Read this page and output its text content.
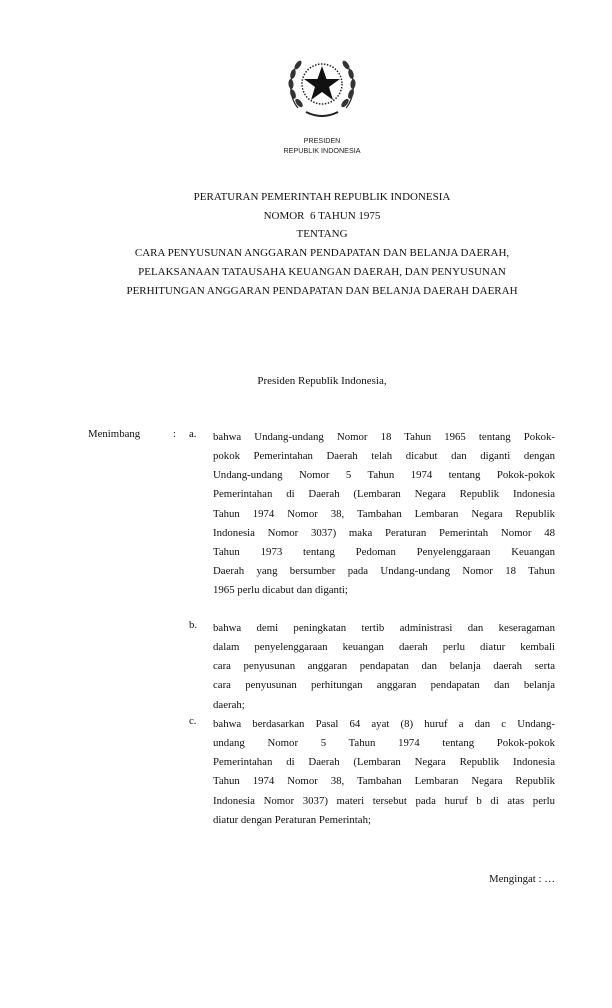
PRESIDEN
REPUBLIK INDONESIA
PERATURAN PEMERINTAH REPUBLIK INDONESIA
NOMOR  6 TAHUN 1975
TENTANG
CARA PENYUSUNAN ANGGARAN PENDAPATAN DAN BELANJA DAERAH,
PELAKSANAAN TATAUSAHA KEUANGAN DAERAH, DAN PENYUSUNAN
PERHITUNGAN ANGGARAN PENDAPATAN DAN BELANJA DAERAH DAERAH
Presiden Republik Indonesia,
Menimbang	: a. bahwa Undang-undang Nomor 18 Tahun 1965 tentang Pokok-
pokok Pemerintahan Daerah telah dicabut dan diganti dengan
Undang-undang Nomor 5 Tahun 1974 tentang Pokok-pokok
Pemerintahan di Daerah (Lembaran Negara Republik Indonesia
Tahun 1974 Nomor 38, Tambahan Lembaran Negara Republik
Indonesia Nomor 3037) maka Peraturan Pemerintah Nomor 48
Tahun 1973 tentang Pedoman Penyelenggaraan Keuangan
Daerah yang bersumber pada Undang-undang Nomor 18 Tahun
1965 perlu dicabut dan diganti;
b. bahwa demi peningkatan tertib administrasi dan keseragaman
dalam penyelenggaraan keuangan daerah perlu diatur kembali
cara penyusunan anggaran pendapatan dan belanja daerah serta
cara penyusunan perhitungan anggaran pendapatan dan belanja
daerah;
c. bahwa berdasarkan Pasal 64 ayat (8) huruf a dan c Undang-
undang Nomor 5 Tahun 1974 tentang Pokok-pokok
Pemerintahan di Daerah (Lembaran Negara Republik Indonesia
Tahun 1974 Nomor 38, Tambahan Lembaran Negara Republik
Indonesia Nomor 3037) materi tersebut pada huruf b di atas perlu
diatur dengan Peraturan Pemerintah;
Mengingat : …
